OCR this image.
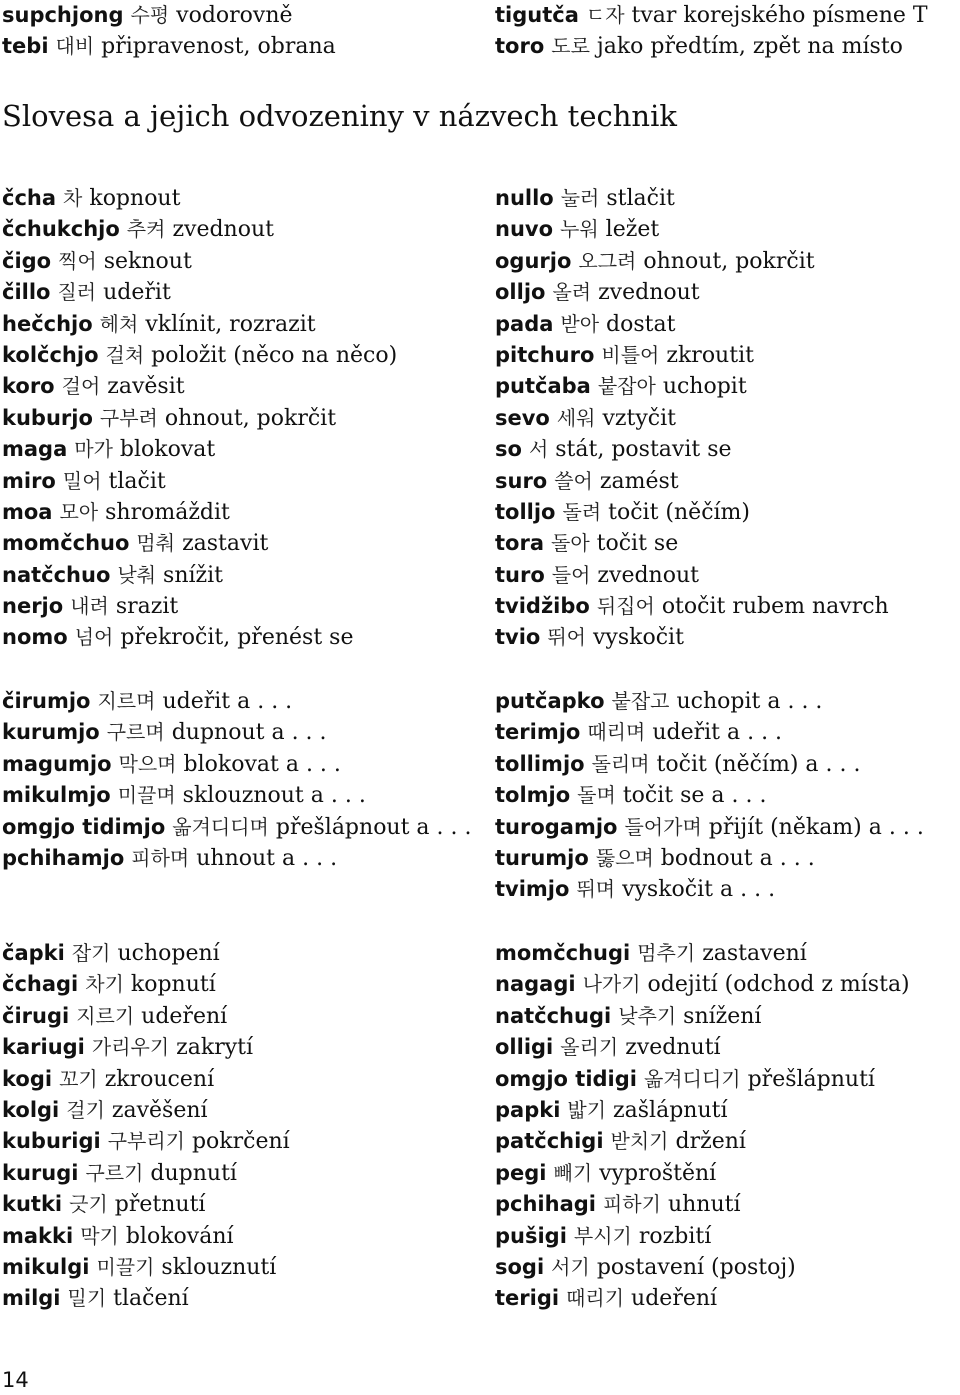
supchjong 수평 vodorovně
tebi 대비 připravenost, obrana
tigutča ㄷ자 tvar korejského písmene T
toro 도로 jako předtím, zpět na místo
Slovesa a jejich odvozeniny v názvech technik
čcha 차 kopnout
čchukchjo 추켜 zvednout
čigo 찍어 seknout
čillo 질러 udeřit
hečchjo 헤쳐 vklínit, rozrazit
kolčchjo 걸쳐 položit (něco na něco)
koro 걸어 zavěsit
kuburjo 구부려 ohnout, pokrčit
maga 마가 blokovat
miro 밀어 tlačit
moa 모아 shromáždit
momčchuo 멈춰 zastavit
natčchuo 낮춰 snížit
nerjo 내려 srazit
nomo 넘어 překročit, přenést se
nullo 눌러 stlačit
nuvo 누워 ležet
ogurjo 오그려 ohnout, pokrčit
olljo 올려 zvednout
pada 받아 dostat
pitchuro 비틀어 zkroutit
putčaba 붙잡아 uchopit
sevo 세워 vztyčit
so 서 stát, postavit se
suro 쓸어 zamést
tolljo 돌려 točit (něčím)
tora 돌아 točit se
turo 들어 zvednout
tvidžibo 뒤집어 otočit rubem navrch
tvio 뛰어 vyskočit
čirumjo 지르며 udeřit a . . .
kurumjo 구르며 dupnout a . . .
magumjo 막으며 blokovat a . . .
mikulmjo 미끌며 sklouznout a . . .
omgjo tidimjo 옮겨디디며 přešlápnout a . . .
pchihamjo 피하며 uhnout a . . .
putčapko 붙잡고 uchopit a . . .
terimjo 때리며 udeřit a . . .
tollimjo 돌리며 točit (něčím) a . . .
tolmjo 돌며 točit se a . . .
turogamjo 들어가며 přijít (někam) a . . .
turumjo 뚫으며 bodnout a . . .
tvimjo 뛰며 vyskočit a . . .
čapki 잡기 uchopení
čchagi 차기 kopnutí
čirugi 지르기 udeření
kariugi 가리우기 zakrytí
kogi 꼬기 zkroucení
kolgi 걸기 zavěšení
kuburigi 구부리기 pokrčení
kurugi 구르기 dupnutí
kutki 긋기 přetnutí
makki 막기 blokování
mikulgi 미끌기 sklouznutí
milgi 밀기 tlačení
momčchugi 멈추기 zastavení
nagagi 나가기 odejití (odchod z místa)
natčchugi 낮추기 snížení
olligi 올리기 zvednutí
omgjo tidigi 옮겨디디기 přešlápnutí
papki 밟기 zašlápnutí
patčchigi 받치기 držení
pegi 빼기 vyproštění
pchihagi 피하기 uhnutí
pušigi 부시기 rozbití
sogi 서기 postavení (postoj)
terigi 때리기 udeření
14
